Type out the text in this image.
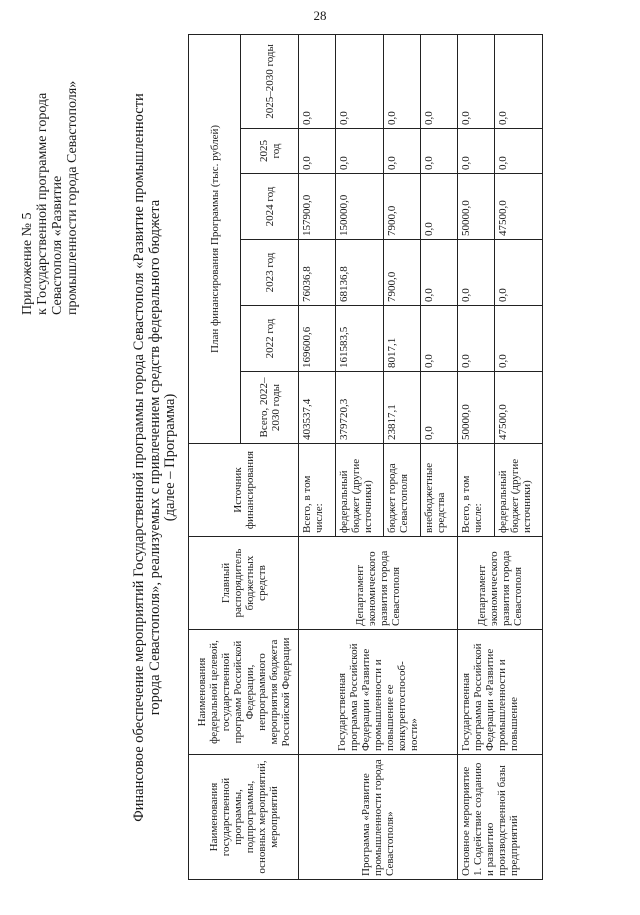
28
Приложение № 5 к Государственной программе города Севастополя «Развитие промышленности города Севастополя»	Финансовое обеспечение мероприятий Государственной программы города Севастополя «Развитие промышленности города Севастополя», реализуемых с привлечением средств федерального бюджета (далее – Программа)
Наименования государственной программы, подпрограммы, основных мероприятий, мероприятий	Наименования федеральной целевой, государственной программ Российской Федерации, непрограммного мероприятия бюджета Российской Федерации	Главный распорядитель бюджетных средств	Источник финансирования	План финансирования Программы (тыс. рублей)					
				Всего, 2022–2030 годы	2022 год	2023 год	2024 год	2025 год	2025–2030 годы
Программа «Развитие промышленности города Севастополя»	Государственная программа Российской Федерации «Развитие промышленности и повышение ее конкурентоспособ-ности»	Департамент экономического развития города Севастополя	Всего, в том числе:	403537,4	169600,6	76036,8	157900,0	0,0	0,0
			федеральный бюджет (другие источники)	379720,3	161583,5	68136,8	150000,0	0,0	0,0
			бюджет города Севастополя	23817,1	8017,1	7900,0	7900,0	0,0	0,0
			внебюджетные средства	0,0	0,0	0,0	0,0	0,0	0,0
Основное мероприятие 1. Содействие созданию и развитию производственной базы предприятий	Государственная программа Российской Федерации «Развитие промышленности и повышение	Департамент экономического развития города Севастополя	Всего, в том числе:	50000,0	0,0	0,0	50000,0	0,0	0,0
			федеральный бюджет (другие источники)	47500,0	0,0	0,0	47500,0	0,0	0,0
